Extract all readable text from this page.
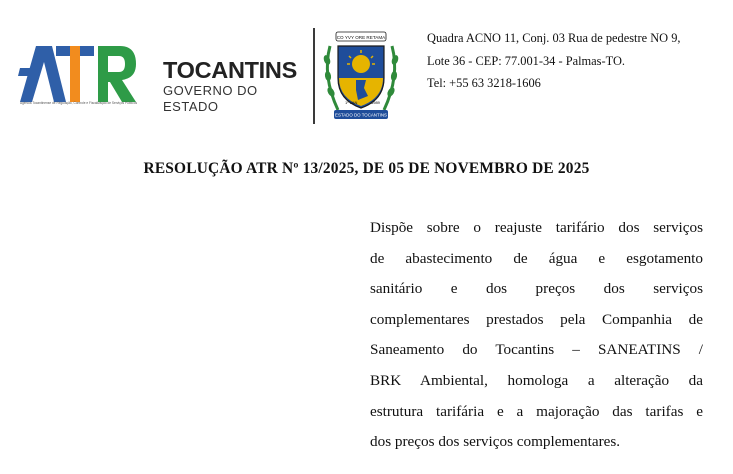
Agência Tocantinense de Regulação, Controle e Fiscalização de Serviços Públicos
TOCANTINS
GOVERNO DO ESTADO
CO YVY ORE RETAMA
1º JAN	1989
ESTADO DO TOCANTINS
Quadra ACNO 11, Conj. 03 Rua de pedestre NO 9,
Lote 36 - CEP: 77.001-34 - Palmas-TO.
Tel: +55 63 3218-1606
RESOLUÇÃO ATR Nº 13/2025, DE 05 DE NOVEMBRO DE 2025
Dispõe sobre o reajuste tarifário dos serviços
de abastecimento de água e esgotamento
sanitário e dos preços dos serviços
complementares prestados pela Companhia de
Saneamento do Tocantins – SANEATINS /
BRK Ambiental, homologa a alteração da
estrutura tarifária e a majoração das tarifas e
dos preços dos serviços complementares.
